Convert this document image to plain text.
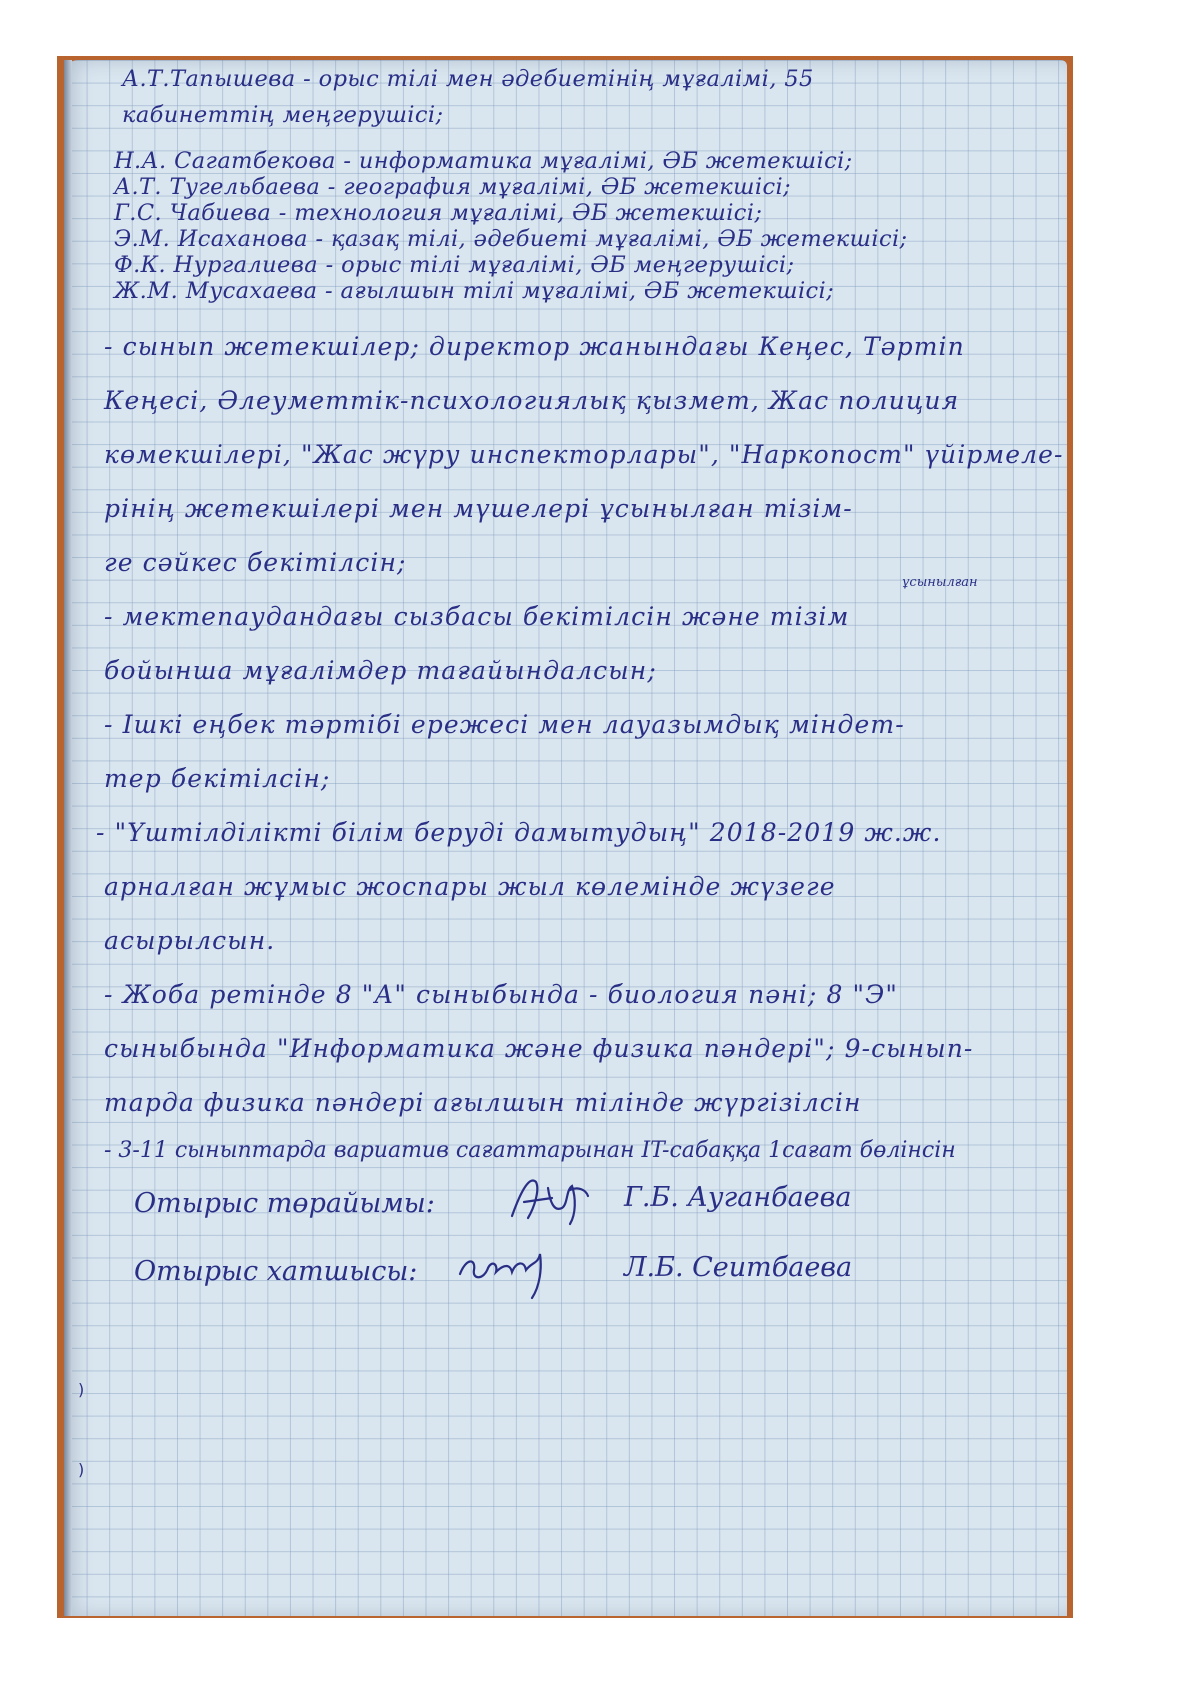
А.Т.Тапышева - орыс тілі мен әдебиетінің мұғалімі, 55

кабинеттің меңгерушісі;

Н.А. Сагатбекова - информатика мұғалімі, ӘБ жетекшісі;

А.Т. Тугельбаева - география мұғалімі, ӘБ жетекшісі;

Г.С. Чабиева - технология мұғалімі, ӘБ жетекшісі;

Э.М. Исаханова - қазақ тілі, әдебиеті мұғалімі, ӘБ жетекшісі;

Ф.К. Нургалиева - орыс тілі мұғалімі, ӘБ меңгерушісі;

Ж.М. Мусахаева - ағылшын тілі мұғалімі, ӘБ жетекшісі;

- сынып жетекшілер; директор жанындағы Кеңес, Тәртіп

Кеңесі, Әлеуметтік-психологиялық қызмет, Жас полиция

көмекшілері, "Жас жүру инспекторлары", "Наркопост" үйірмеле-

рінің жетекшілері мен мүшелері ұсынылған тізім-

ге сәйкес бекітілсін;

ұсынылған

- мектепаудандағы сызбасы бекітілсін және тізім

бойынша мұғалімдер тағайындалсын;

- Ішкі еңбек тәртібі ережесі мен лауазымдық міндет-

тер бекітілсін;

- "Үштілділікті білім беруді дамытудың" 2018-2019 ж.ж.

арналған жұмыс жоспары жыл көлемінде жүзеге

асырылсын.

- Жоба ретінде 8 "А" сыныбында - биология пәні; 8 "Э"

сыныбында "Информатика және физика пәндері"; 9-сынып-

тарда физика пәндері ағылшын тілінде жүргізілсін

- 3-11 сыныптарда вариатив сағаттарынан IT-сабаққа 1сағат бөлінсін

Отырыс төрайымы:	Г.Б. Ауганбаева

Отырыс хатшысы:	Л.Б. Сеитбаева

)
)
